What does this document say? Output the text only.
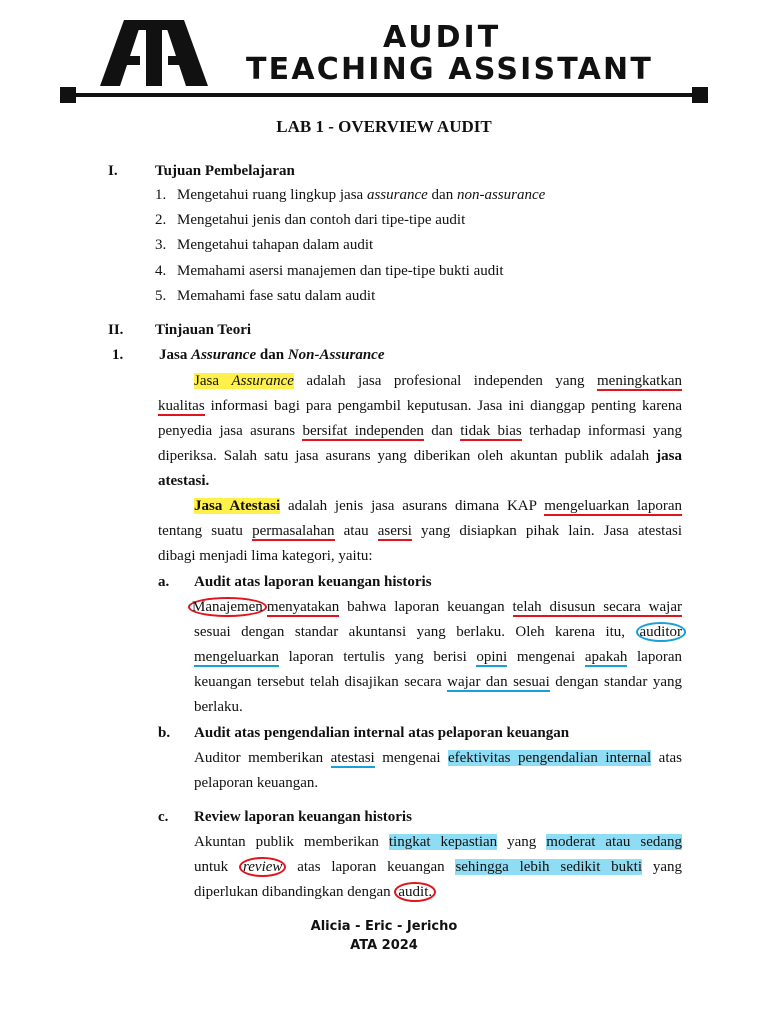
AUDIT
TEACHING ASSISTANT
LAB 1 - OVERVIEW AUDIT
I. Tujuan Pembelajaran
1. Mengetahui ruang lingkup jasa assurance dan non-assurance
2. Mengetahui jenis dan contoh dari tipe-tipe audit
3. Mengetahui tahapan dalam audit
4. Memahami asersi manajemen dan tipe-tipe bukti audit
5. Memahami fase satu dalam audit
II. Tinjauan Teori
1. Jasa Assurance dan Non-Assurance
Jasa Assurance adalah jasa profesional independen yang meningkatkan
kualitas informasi bagi para pengambil keputusan. Jasa ini dianggap penting karena
penyedia jasa asurans bersifat independen dan tidak bias terhadap informasi yang
diperiksa. Salah satu jasa asurans yang diberikan oleh akuntan publik adalah jasa
atestasi.
Jasa Atestasi adalah jenis jasa asurans dimana KAP mengeluarkan laporan
tentang suatu permasalahan atau asersi yang disiapkan pihak lain. Jasa atestasi
dibagi menjadi lima kategori, yaitu:
a. Audit atas laporan keuangan historis
Manajemen menyatakan bahwa laporan keuangan telah disusun secara wajar
sesuai dengan standar akuntansi yang berlaku. Oleh karena itu, auditor
mengeluarkan laporan tertulis yang berisi opini mengenai apakah laporan
keuangan tersebut telah disajikan secara wajar dan sesuai dengan standar yang
berlaku.
b. Audit atas pengendalian internal atas pelaporan keuangan
Auditor memberikan atestasi mengenai efektivitas pengendalian internal atas
pelaporan keuangan.
c. Review laporan keuangan historis
Akuntan publik memberikan tingkat kepastian yang moderat atau sedang
untuk review atas laporan keuangan sehingga lebih sedikit bukti yang
diperlukan dibandingkan dengan audit.
Alicia - Eric - Jericho
ATA 2024
